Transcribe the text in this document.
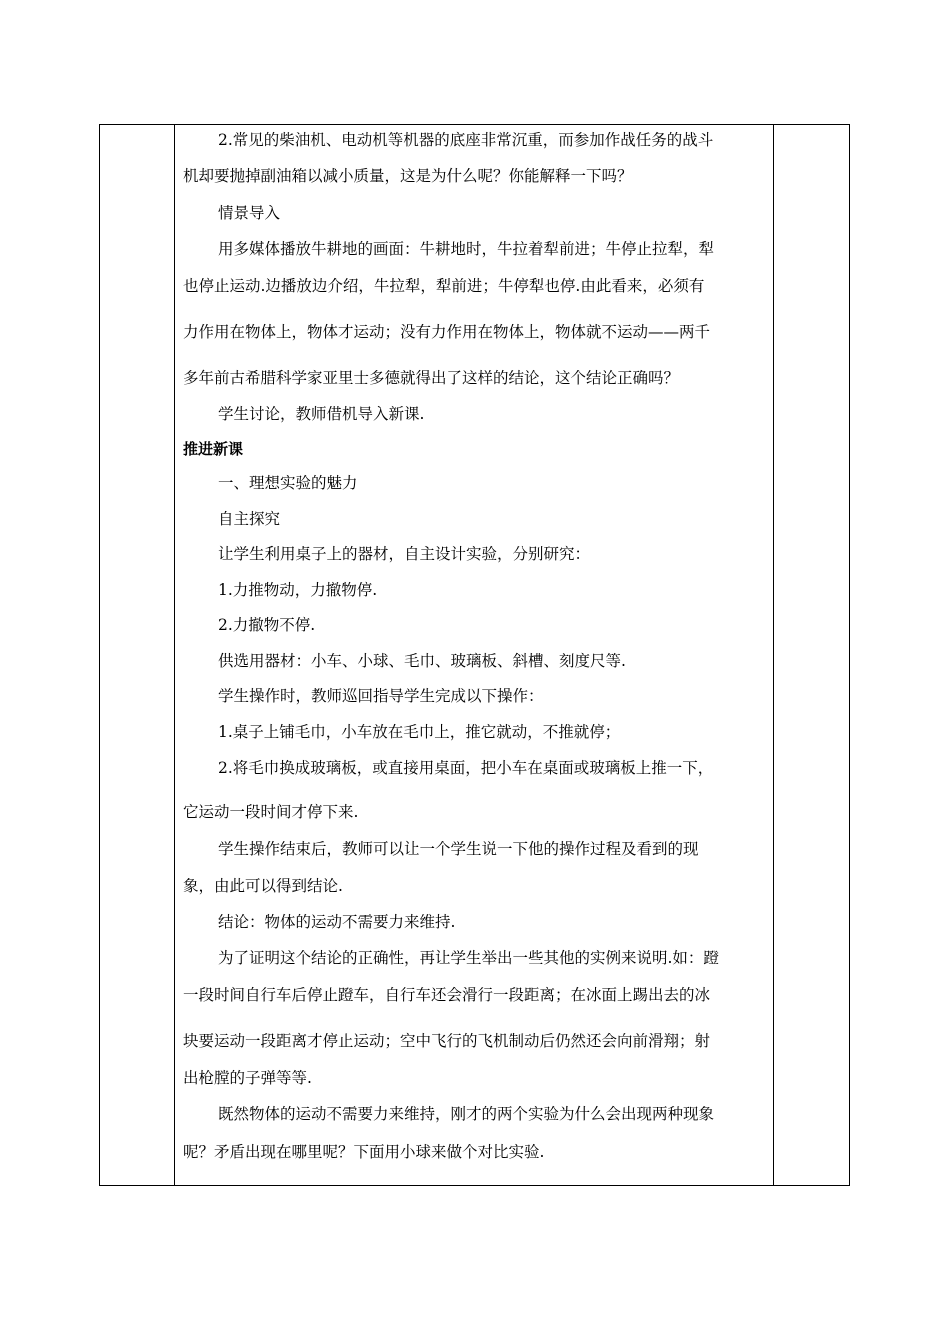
2.常见的柴油机、电动机等机器的底座非常沉重，而参加作战任务的战斗
机却要抛掉副油箱以减小质量，这是为什么呢？你能解释一下吗？
情景导入
用多媒体播放牛耕地的画面：牛耕地时，牛拉着犁前进；牛停止拉犁，犁
也停止运动.边播放边介绍，牛拉犁，犁前进；牛停犁也停.由此看来，必须有
力作用在物体上，物体才运动；没有力作用在物体上，物体就不运动——两千
多年前古希腊科学家亚里士多德就得出了这样的结论，这个结论正确吗？
学生讨论，教师借机导入新课.
推进新课
一、理想实验的魅力
自主探究
让学生利用桌子上的器材，自主设计实验，分别研究：
1.力推物动，力撤物停.
2.力撤物不停.
供选用器材：小车、小球、毛巾、玻璃板、斜槽、刻度尺等.
学生操作时，教师巡回指导学生完成以下操作：
1.桌子上铺毛巾，小车放在毛巾上，推它就动，不推就停；
2.将毛巾换成玻璃板，或直接用桌面，把小车在桌面或玻璃板上推一下，
它运动一段时间才停下来.
学生操作结束后，教师可以让一个学生说一下他的操作过程及看到的现
象，由此可以得到结论.
结论：物体的运动不需要力来维持.
为了证明这个结论的正确性，再让学生举出一些其他的实例来说明.如：蹬
一段时间自行车后停止蹬车，自行车还会滑行一段距离；在冰面上踢出去的冰
块要运动一段距离才停止运动；空中飞行的飞机制动后仍然还会向前滑翔；射
出枪膛的子弹等等.
既然物体的运动不需要力来维持，刚才的两个实验为什么会出现两种现象
呢？矛盾出现在哪里呢？下面用小球来做个对比实验.
